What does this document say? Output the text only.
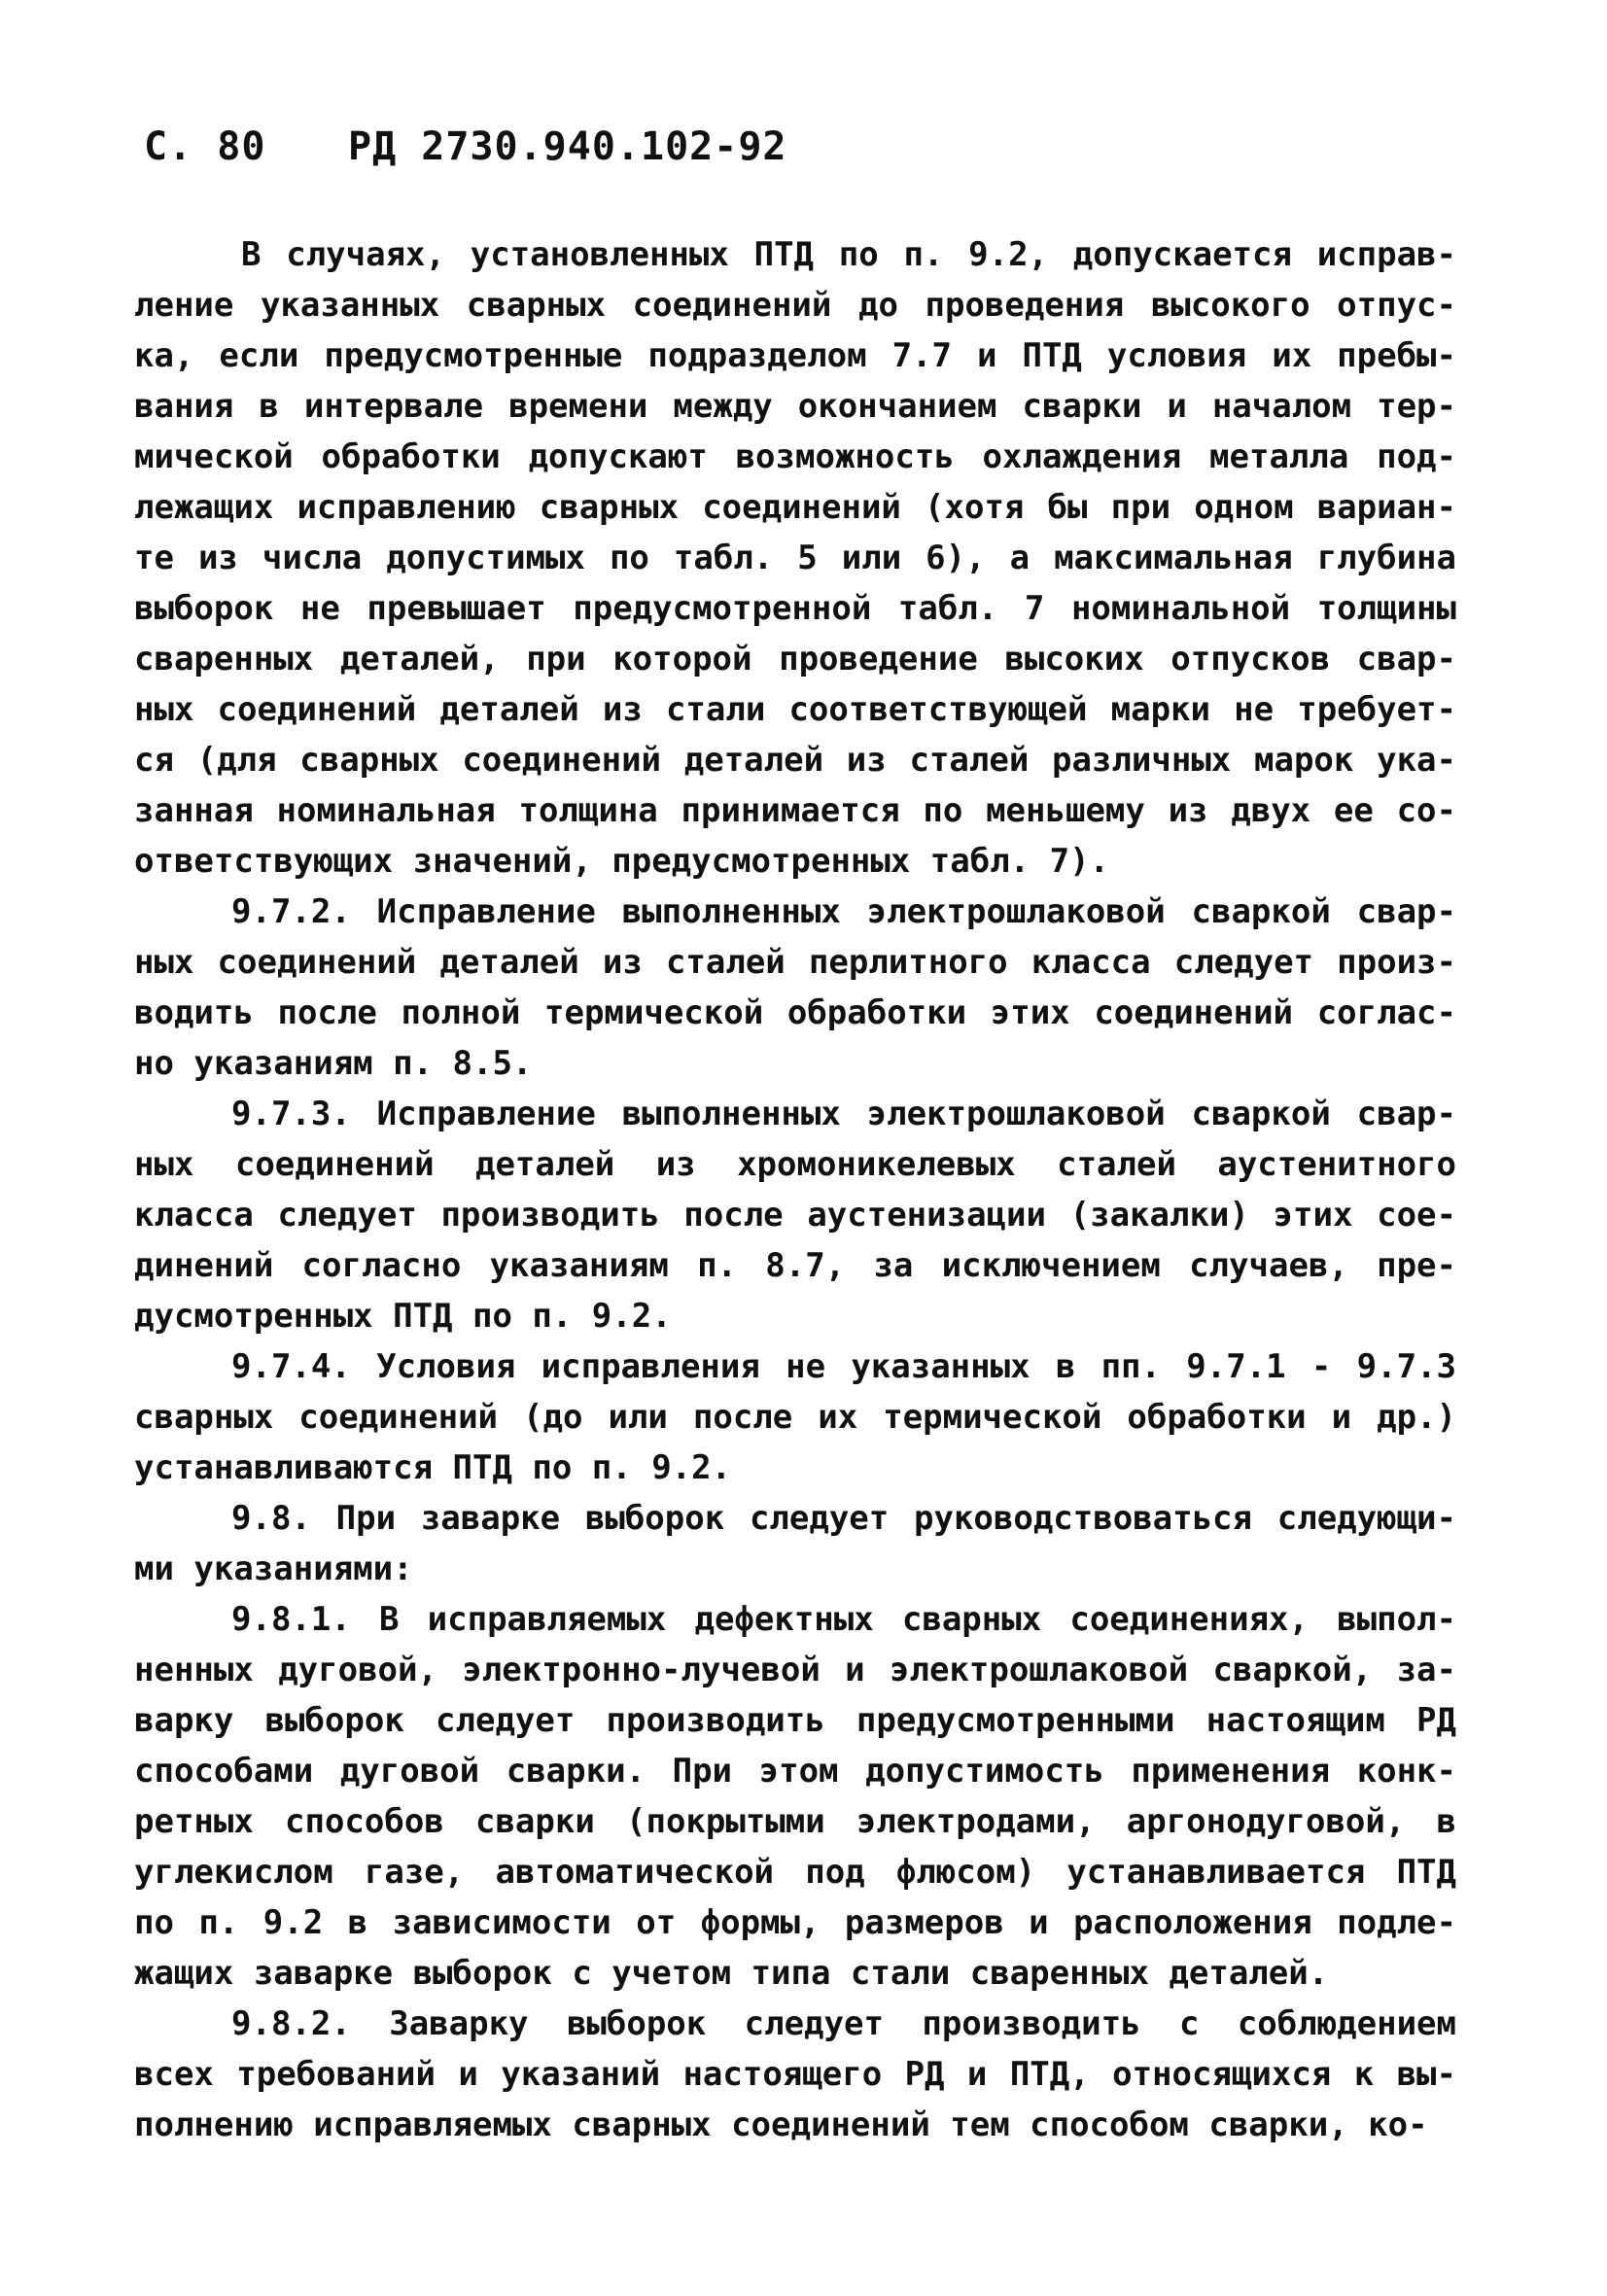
С. 80 РД 2730.940.102-92
В случаях, установленных ПТД по п. 9.2, допускается исправ-
ление указанных сварных соединений до проведения высокого отпус-
ка, если предусмотренные подразделом 7.7 и ПТД условия их пребы-
вания в интервале времени между окончанием сварки и началом тер-
мической обработки допускают возможность охлаждения металла под-
лежащих исправлению сварных соединений (хотя бы при одном вариан-
те из числа допустимых по табл. 5 или 6), а максимальная глубина
выборок не превышает предусмотренной табл. 7 номинальной толщины
сваренных деталей, при которой проведение высоких отпусков свар-
ных соединений деталей из стали соответствующей марки не требует-
ся (для сварных соединений деталей из сталей различных марок ука-
занная номинальная толщина принимается по меньшему из двух ее со-
ответствующих значений, предусмотренных табл. 7).
9.7.2. Исправление выполненных электрошлаковой сваркой свар-
ных соединений деталей из сталей перлитного класса следует произ-
водить после полной термической обработки этих соединений соглас-
но указаниям п. 8.5.
9.7.3. Исправление выполненных электрошлаковой сваркой свар-
ных соединений деталей из хромоникелевых сталей аустенитного
класса следует производить после аустенизации (закалки) этих сое-
динений согласно указаниям п. 8.7, за исключением случаев, пре-
дусмотренных ПТД по п. 9.2.
9.7.4. Условия исправления не указанных в пп. 9.7.1 - 9.7.3
сварных соединений (до или после их термической обработки и др.)
устанавливаются ПТД по п. 9.2.
9.8. При заварке выборок следует руководствоваться следующи-
ми указаниями:
9.8.1. В исправляемых дефектных сварных соединениях, выпол-
ненных дуговой, электронно-лучевой и электрошлаковой сваркой, за-
варку выборок следует производить предусмотренными настоящим РД
способами дуговой сварки. При этом допустимость применения конк-
ретных способов сварки (покрытыми электродами, аргонодуговой, в
углекислом газе, автоматической под флюсом) устанавливается ПТД
по п. 9.2 в зависимости от формы, размеров и расположения подле-
жащих заварке выборок с учетом типа стали сваренных деталей.
9.8.2. Заварку выборок следует производить с соблюдением
всех требований и указаний настоящего РД и ПТД, относящихся к вы-
полнению исправляемых сварных соединений тем способом сварки, ко-
